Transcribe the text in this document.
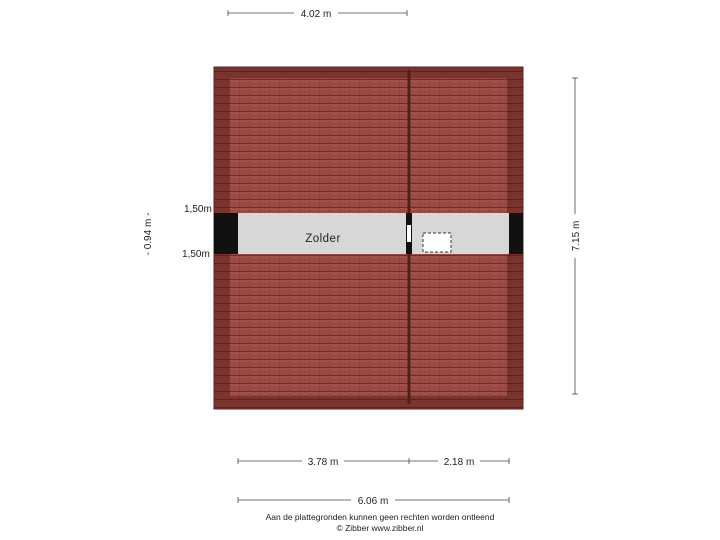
Zolder
4.02 m
7.15 m
- 0.94 m -
1,50m
1,50m
3.78 m	2.18 m
6.06 m
Aan de plattegronden kunnen geen rechten worden ontleend
© Zibber www.zibber.nl
